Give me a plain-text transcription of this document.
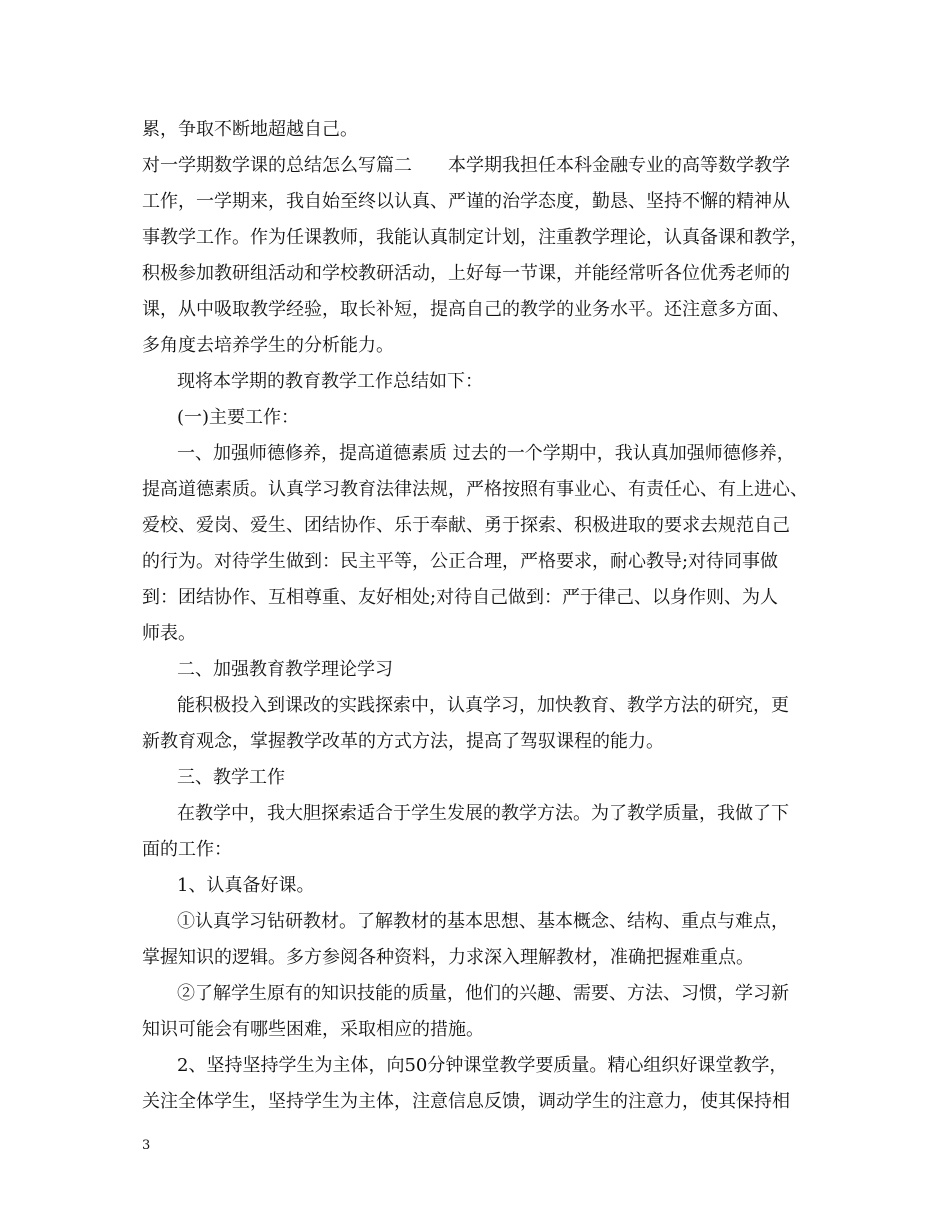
累，争取不断地超越自己。
对一学期数学课的总结怎么写篇二　　本学期我担任本科金融专业的高等数学教学
工作，一学期来，我自始至终以认真、严谨的治学态度，勤恳、坚持不懈的精神从
事教学工作。作为任课教师，我能认真制定计划，注重教学理论，认真备课和教学，
积极参加教研组活动和学校教研活动，上好每一节课，并能经常听各位优秀老师的
课，从中吸取教学经验，取长补短，提高自己的教学的业务水平。还注意多方面、
多角度去培养学生的分析能力。
现将本学期的教育教学工作总结如下：
(一)主要工作：
一、加强师德修养，提高道德素质 过去的一个学期中，我认真加强师德修养，
提高道德素质。认真学习教育法律法规，严格按照有事业心、有责任心、有上进心、
爱校、爱岗、爱生、团结协作、乐于奉献、勇于探索、积极进取的要求去规范自己
的行为。对待学生做到：民主平等，公正合理，严格要求，耐心教导;对待同事做
到：团结协作、互相尊重、友好相处;对待自己做到：严于律己、以身作则、为人
师表。
二、加强教育教学理论学习
能积极投入到课改的实践探索中，认真学习，加快教育、教学方法的研究，更
新教育观念，掌握教学改革的方式方法，提高了驾驭课程的能力。
三、教学工作
在教学中，我大胆探索适合于学生发展的教学方法。为了教学质量，我做了下
面的工作：
1、认真备好课。
①认真学习钻研教材。了解教材的基本思想、基本概念、结构、重点与难点，
掌握知识的逻辑。多方参阅各种资料，力求深入理解教材，准确把握难重点。
②了解学生原有的知识技能的质量，他们的兴趣、需要、方法、习惯，学习新
知识可能会有哪些困难，采取相应的措施。
2、坚持坚持学生为主体，向50分钟课堂教学要质量。精心组织好课堂教学，
关注全体学生，坚持学生为主体，注意信息反馈，调动学生的注意力，使其保持相
3
